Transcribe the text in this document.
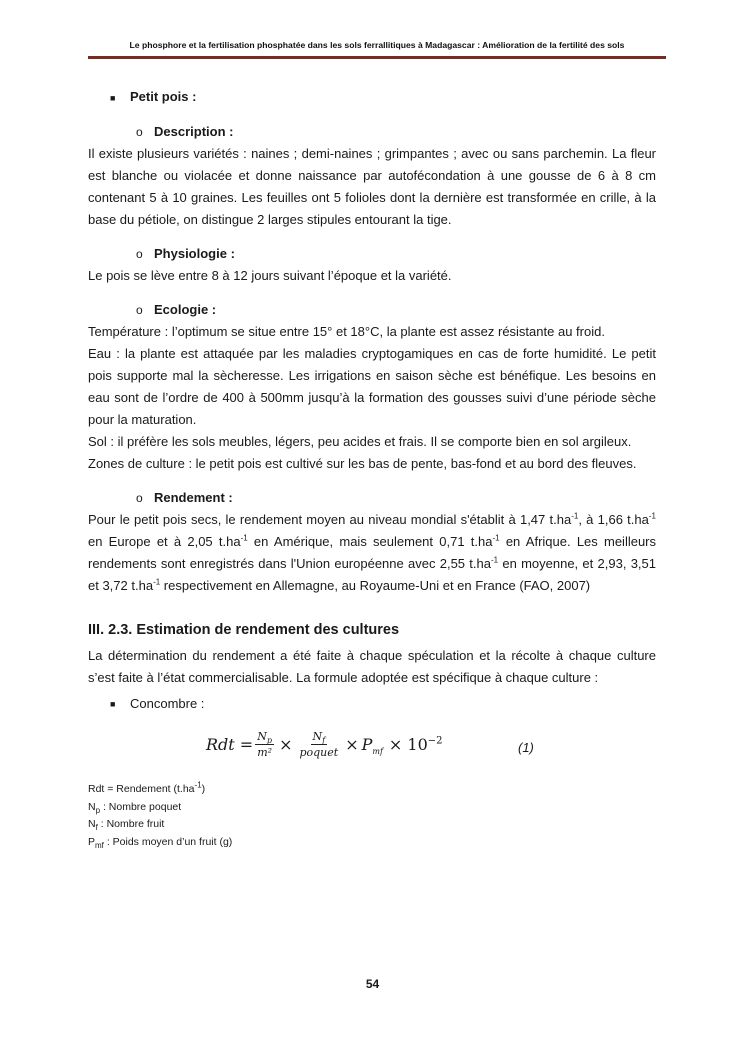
Le phosphore et la fertilisation phosphatée dans les sols ferrallitiques à Madagascar : Amélioration de la fertilité des sols
■ Petit pois :
o Description :

Il existe plusieurs variétés : naines ; demi-naines ; grimpantes ; avec ou sans parchemin. La fleur est blanche ou violacée et donne naissance par autofécondation à une gousse de 6 à 8 cm contenant 5 à 10 graines. Les feuilles ont 5 folioles dont la dernière est transformée en crille, à la base du pétiole, on distingue 2 larges stipules entourant la tige.

o Physiologie :

Le pois se lève entre 8 à 12 jours suivant l’époque et la variété.

o Ecologie :

Température : l’optimum se situe entre 15° et 18°C, la plante est assez résistante au froid.

Eau : la plante est attaquée par les maladies cryptogamiques en cas de forte humidité. Le petit pois supporte mal la sècheresse. Les irrigations en saison sèche est bénéfique. Les besoins en eau sont de l’ordre de 400 à 500mm jusqu’à la formation des gousses suivi d’une période sèche pour la maturation.

Sol : il préfère les sols meubles, légers, peu acides et frais. Il se comporte bien en sol argileux.

Zones de culture : le petit pois est cultivé sur les bas de pente, bas-fond et au bord des fleuves.

o Rendement :

Pour le petit pois secs, le rendement moyen au niveau mondial s'établit à 1,47 $t.ha^{-1}$, à 1,66 $t.ha^{-1}$ en Europe et à 2,05 $t.ha^{-1}$ en Amérique, mais seulement 0,71 $t.ha^{-1}$ en Afrique. Les meilleurs rendements sont enregistrés dans l'Union européenne avec 2,55 $t.ha^{-1}$ en moyenne, et 2,93, 3,51 et 3,72 $t.ha^{-1}$ respectivement en Allemagne, au Royaume-Uni et en France (FAO, 2007)

III. 2.3. Estimation de rendement des cultures

La détermination du rendement a été faite à chaque spéculation et la récolte à chaque culture s’est faite à l’état commercialisable. La formule adoptée est spécifique à chaque culture :

■ Concombre :
Rdt = $\frac{N_p}{\text{m²}} \times \frac{N_f}{\text{poquet}} \times P_{mf} \times 10^{-2}$	(1)
Rdt = Rendement $(t.ha^{-1})$
$N_p$ : Nombre poquet
$N_f$ : Nombre fruit
$P_{mf}$ : Poids moyen d’un fruit (g)
54
